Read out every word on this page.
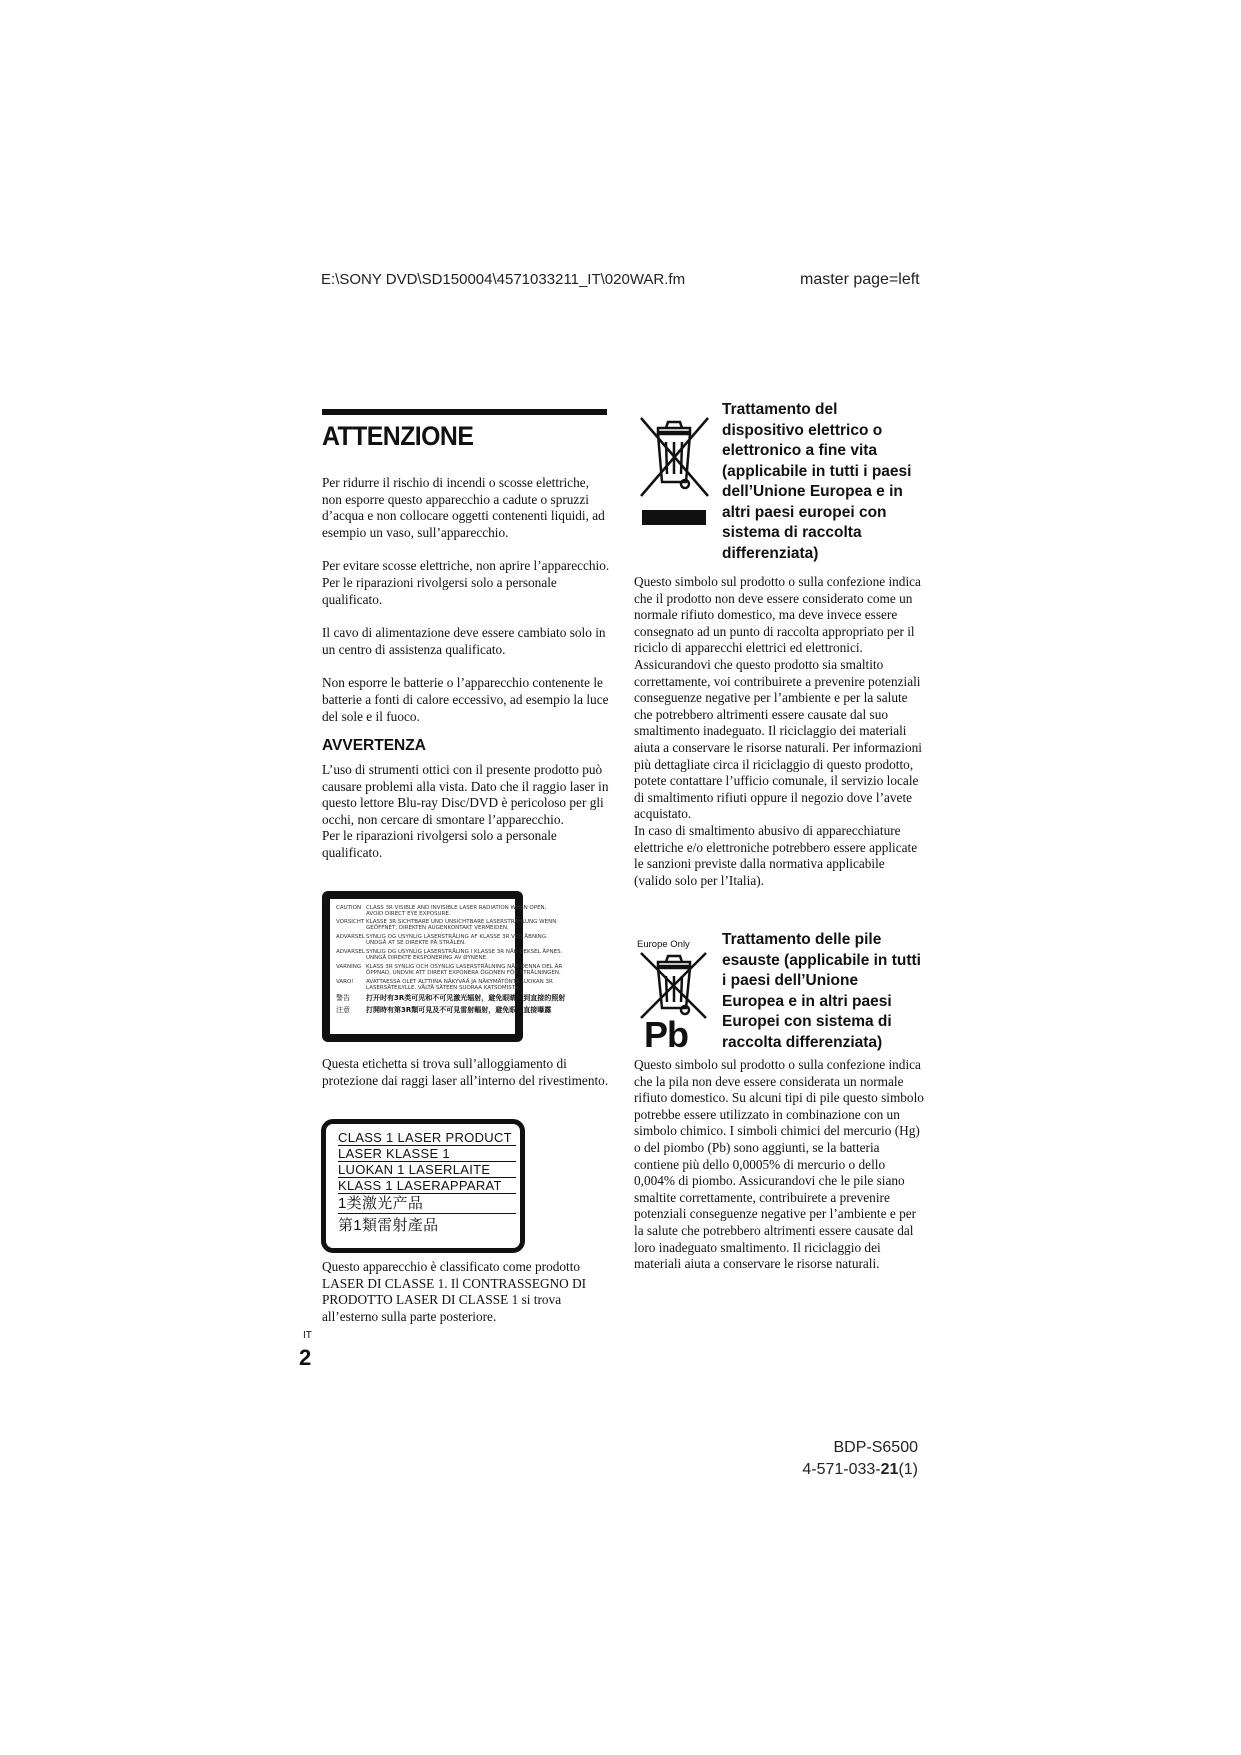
E:\SONY DVD\SD150004\4571033211_IT\020WAR.fm	master page=left
ATTENZIONE

Per ridurre il rischio di incendi o scosse elettriche, non esporre questo apparecchio a cadute o spruzzi d’acqua e non collocare oggetti contenenti liquidi, ad esempio un vaso, sull’apparecchio.

Per evitare scosse elettriche, non aprire l’apparecchio. Per le riparazioni rivolgersi solo a personale qualificato.

Il cavo di alimentazione deve essere cambiato solo in un centro di assistenza qualificato.

Non esporre le batterie o l’apparecchio contenente le batterie a fonti di calore eccessivo, ad esempio la luce del sole e il fuoco.

AVVERTENZA
L’uso di strumenti ottici con il presente prodotto può causare problemi alla vista. Dato che il raggio laser in questo lettore Blu-ray Disc/DVD è pericoloso per gli occhi, non cercare di smontare l’apparecchio.
Per le riparazioni rivolgersi solo a personale qualificato.
CAUTION CLASS 3R VISIBLE AND INVISIBLE LASER RADIATION WHEN OPEN,
AVOID DIRECT EYE EXPOSURE.
VORSICHT KLASSE 3R SICHTBARE UND UNSICHTBARE LASERSTRAHLUNG WENN
GEÖFFNET, DIREKTEN AUGENKONTAKT VERMEIDEN.
ADVARSELSYNLIG OG USYNLIG LASERSTRÅLING AF KLASSE 3R VED ÅBNING.
UNDGÅ AT SE DIREKTE PÅ STRÅLEN.
ADVARSELSYNLIG OG USYNLIG LASERSTRÅLING I KLASSE 3R NÅR DEKSEL ÅPNES.
UNNGÅ DIREKTE EKSPONERING AV ØYNENE.
VARNING KLASS 3R SYNLIG OCH OSYNLIG LASERSTRÅLNING NÄR DENNA DEL ÄR
ÖPPNAD, UNDVIK ATT DIREKT EXPONERA ÖGONEN FÖR STRÅLNINGEN.
VARO! AVATTAESSA OLET ALTTIINA NÄKYVÄÄ JA NÄKYMÄTÖNTÄ LUOKAN 3R
LASERSÄTEILYLLE. VÄLTÄ SÄTEEN SUORAA KATSOMISTA.
警告 打开时有3R类可见和不可见激光辐射，避免眼睛受到直接的照射
注意 打開時有第3R類可見及不可見雷射輻射，避免眼睛直接曝露
Questa etichetta si trova sull’alloggiamento di protezione dai raggi laser all’interno del rivestimento.
CLASS 1 LASER PRODUCT
LASER KLASSE 1
LUOKAN 1 LASERLAITE
KLASS 1 LASERAPPARAT
1类激光产品
第1類雷射產品
Questo apparecchio è classificato come prodotto LASER DI CLASSE 1. Il CONTRASSEGNO DI PRODOTTO LASER DI CLASSE 1 si trova all’esterno sulla parte posteriore.
IT
2
Trattamento del dispositivo elettrico o elettronico a fine vita (applicabile in tutti i paesi dell’Unione Europea e in altri paesi europei con sistema di raccolta differenziata)
Questo simbolo sul prodotto o sulla confezione indica che il prodotto non deve essere considerato come un normale rifiuto domestico, ma deve invece essere consegnato ad un punto di raccolta appropriato per il riciclo di apparecchi elettrici ed elettronici. Assicurandovi che questo prodotto sia smaltito correttamente, voi contribuirete a prevenire potenziali conseguenze negative per l’ambiente e per la salute che potrebbero altrimenti essere causate dal suo smaltimento inadeguato. Il riciclaggio dei materiali aiuta a conservare le risorse naturali. Per informazioni più dettagliate circa il riciclaggio di questo prodotto, potete contattare l’ufficio comunale, il servizio locale di smaltimento rifiuti oppure il negozio dove l’avete acquistato.
In caso di smaltimento abusivo di apparecchiature elettriche e/o elettroniche potrebbero essere applicate le sanzioni previste dalla normativa applicabile (valido solo per l’Italia).
Europe Only
Pb
Trattamento delle pile esauste (applicabile in tutti i paesi dell’Unione Europea e in altri paesi Europei con sistema di raccolta differenziata)
Questo simbolo sul prodotto o sulla confezione indica che la pila non deve essere considerata un normale rifiuto domestico. Su alcuni tipi di pile questo simbolo potrebbe essere utilizzato in combinazione con un simbolo chimico. I simboli chimici del mercurio (Hg) o del piombo (Pb) sono aggiunti, se la batteria contiene più dello 0,0005% di mercurio o dello 0,004% di piombo. Assicurandovi che le pile siano smaltite correttamente, contribuirete a prevenire potenziali conseguenze negative per l’ambiente e per la salute che potrebbero altrimenti essere causate dal loro inadeguato smaltimento. Il riciclaggio dei materiali aiuta a conservare le risorse naturali.
BDP-S6500
4-571-033-21(1)
